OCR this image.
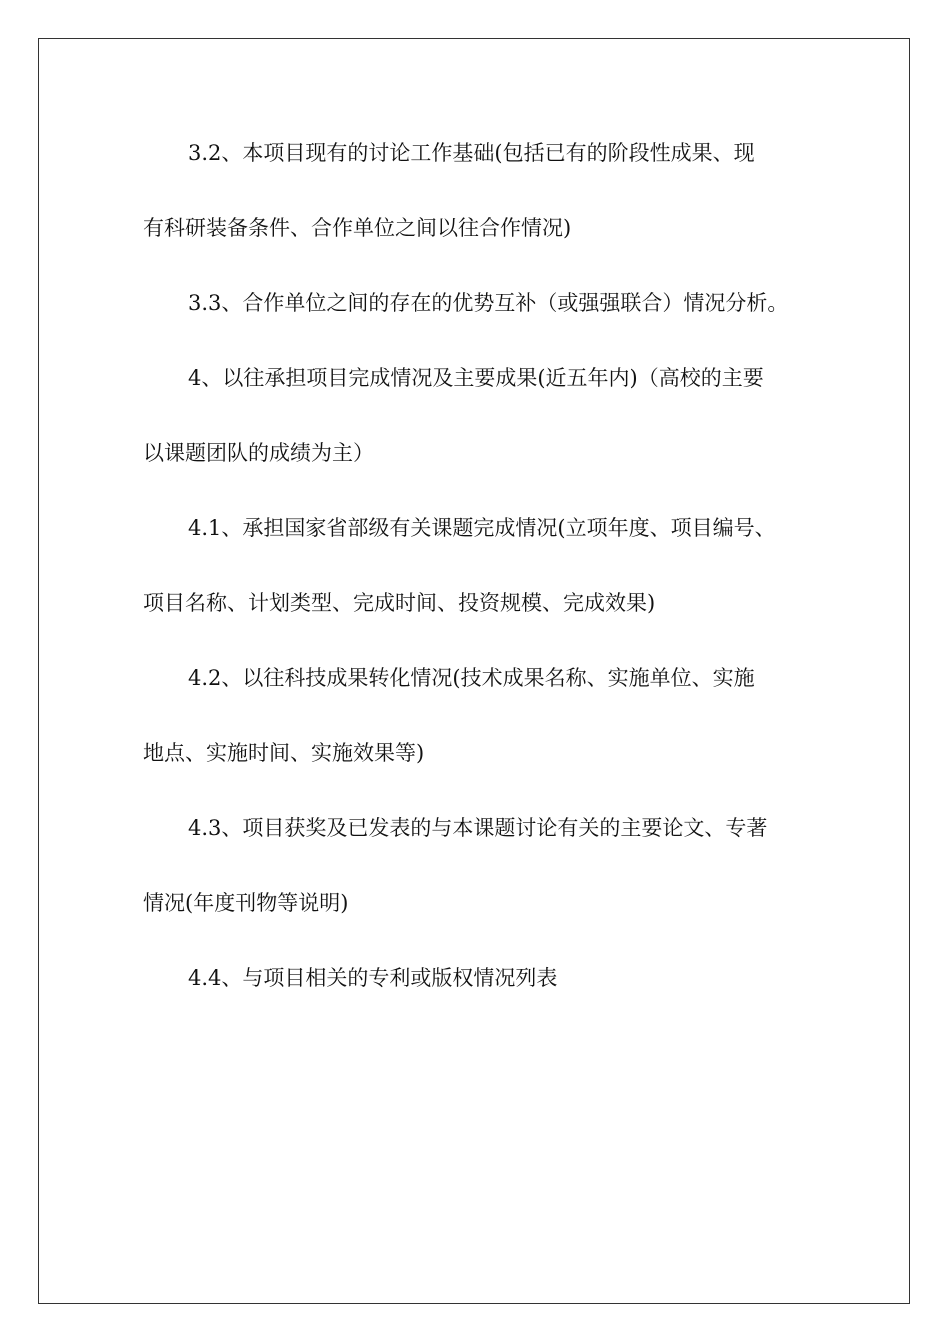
3.2、本项目现有的讨论工作基础(包括已有的阶段性成果、现
有科研装备条件、合作单位之间以往合作情况)
3.3、合作单位之间的存在的优势互补（或强强联合）情况分析。
4、以往承担项目完成情况及主要成果(近五年内)（高校的主要
以课题团队的成绩为主）
4.1、承担国家省部级有关课题完成情况(立项年度、项目编号、
项目名称、计划类型、完成时间、投资规模、完成效果)
4.2、以往科技成果转化情况(技术成果名称、实施单位、实施
地点、实施时间、实施效果等)
4.3、项目获奖及已发表的与本课题讨论有关的主要论文、专著
情况(年度刊物等说明)
4.4、与项目相关的专利或版权情况列表
